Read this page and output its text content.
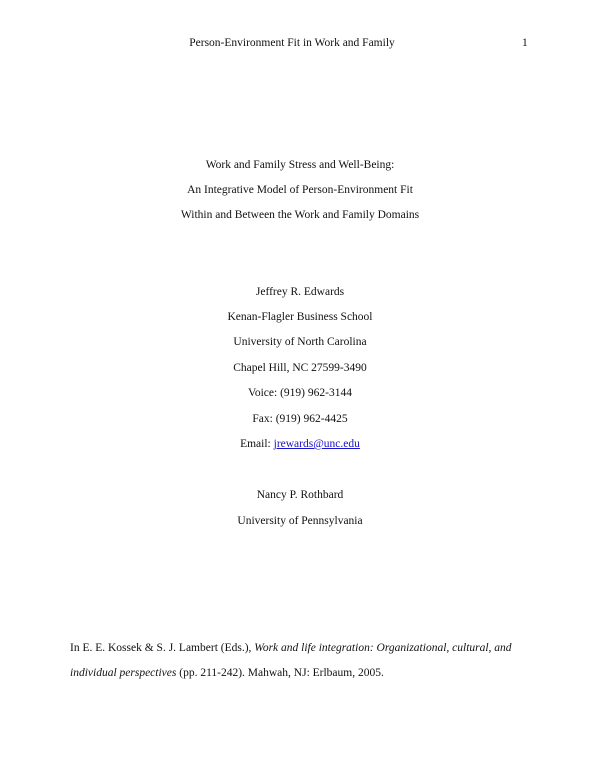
Person-Environment Fit in Work and Family	1
Work and Family Stress and Well-Being:
An Integrative Model of Person-Environment Fit
Within and Between the Work and Family Domains
Jeffrey R. Edwards
Kenan-Flagler Business School
University of North Carolina
Chapel Hill, NC 27599-3490
Voice: (919) 962-3144
Fax: (919) 962-4425
Email: jrewards@unc.edu
Nancy P. Rothbard
University of Pennsylvania
In E. E. Kossek & S. J. Lambert (Eds.), Work and life integration: Organizational, cultural, and
individual perspectives (pp. 211-242). Mahwah, NJ: Erlbaum, 2005.
